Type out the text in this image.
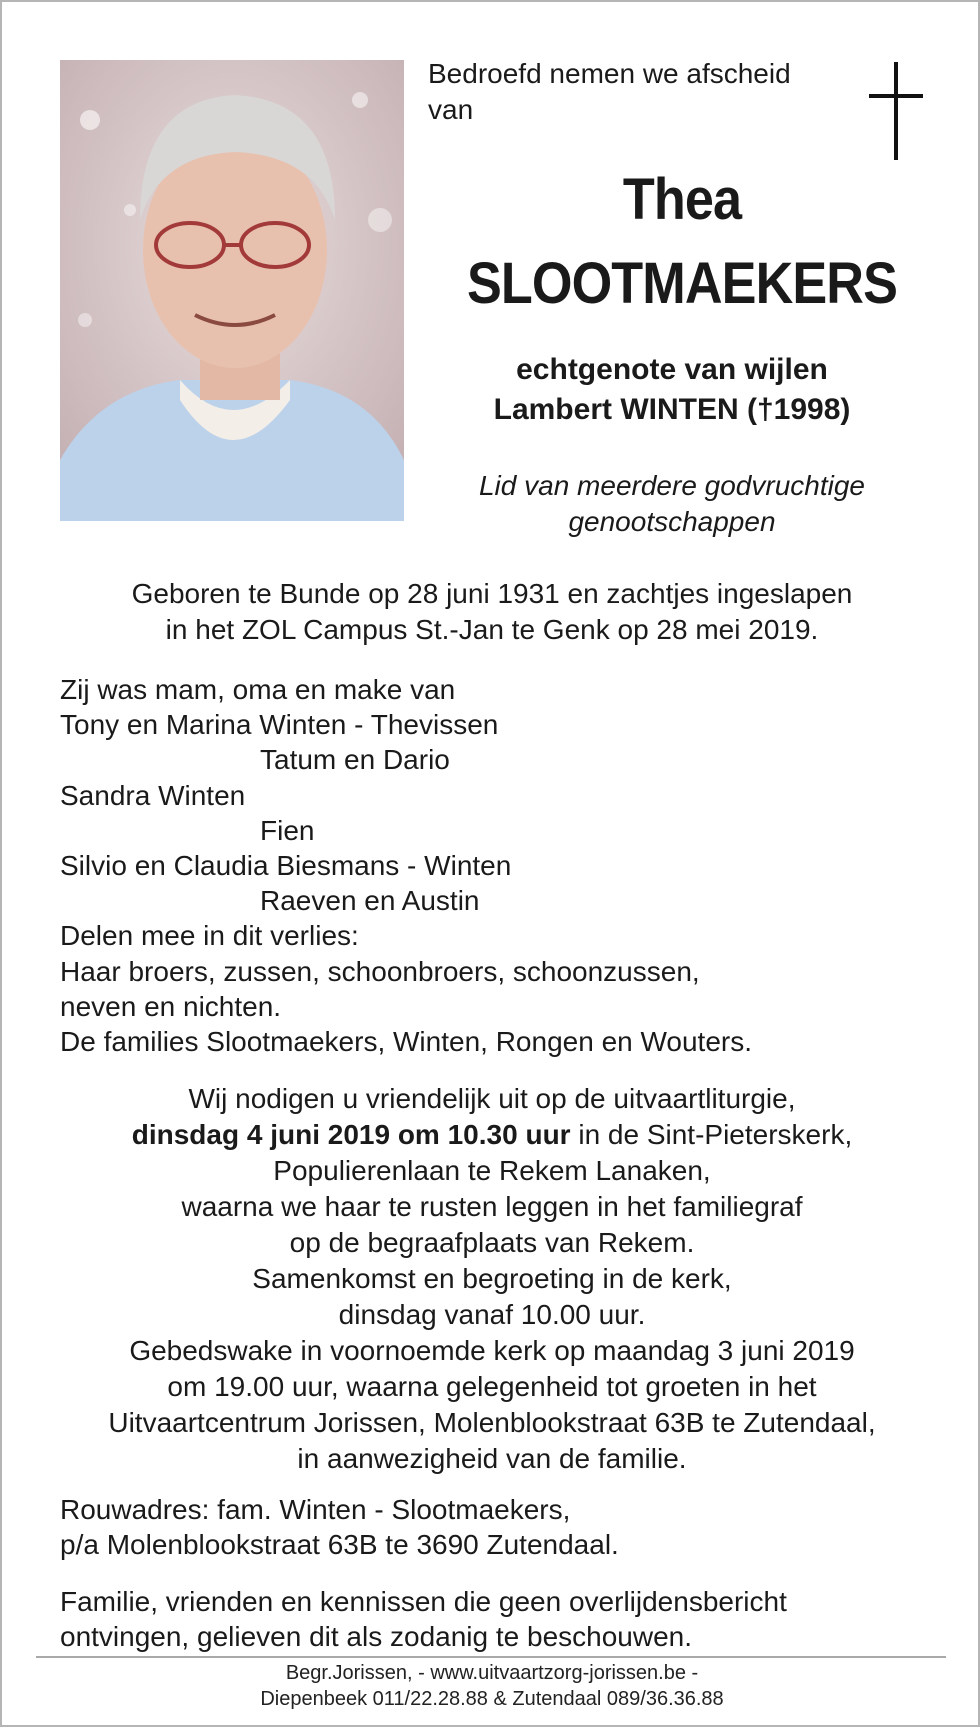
Bedroefd nemen we afscheid
van
Thea
SLOOTMAEKERS
echtgenote van wijlen
Lambert WINTEN (†1998)
Lid van meerdere godvruchtige
genootschappen
Geboren te Bunde op 28 juni 1931 en zachtjes ingeslapen
in het ZOL Campus St.-Jan te Genk op 28 mei 2019.
Zij was mam, oma en make van
Tony en Marina Winten - Thevissen
Tatum en Dario
Sandra Winten
Fien
Silvio en Claudia Biesmans - Winten
Raeven en Austin
Delen mee in dit verlies:
Haar broers, zussen, schoonbroers, schoonzussen,
neven en nichten.
De families Slootmaekers, Winten, Rongen en Wouters.
Wij nodigen u vriendelijk uit op de uitvaartliturgie,
dinsdag 4 juni 2019 om 10.30 uur in de Sint-Pieterskerk,
Populierenlaan te Rekem Lanaken,
waarna we haar te rusten leggen in het familiegraf
op de begraafplaats van Rekem.
Samenkomst en begroeting in de kerk,
dinsdag vanaf 10.00 uur.
Gebedswake in voornoemde kerk op maandag 3 juni 2019
om 19.00 uur, waarna gelegenheid tot groeten in het
Uitvaartcentrum Jorissen, Molenblookstraat 63B te Zutendaal,
in aanwezigheid van de familie.
Rouwadres: fam. Winten - Slootmaekers,
p/a Molenblookstraat 63B te 3690 Zutendaal.
Familie, vrienden en kennissen die geen overlijdensbericht
ontvingen, gelieven dit als zodanig te beschouwen.
Begr.Jorissen, - www.uitvaartzorg-jorissen.be -
Diepenbeek 011/22.28.88 & Zutendaal 089/36.36.88
